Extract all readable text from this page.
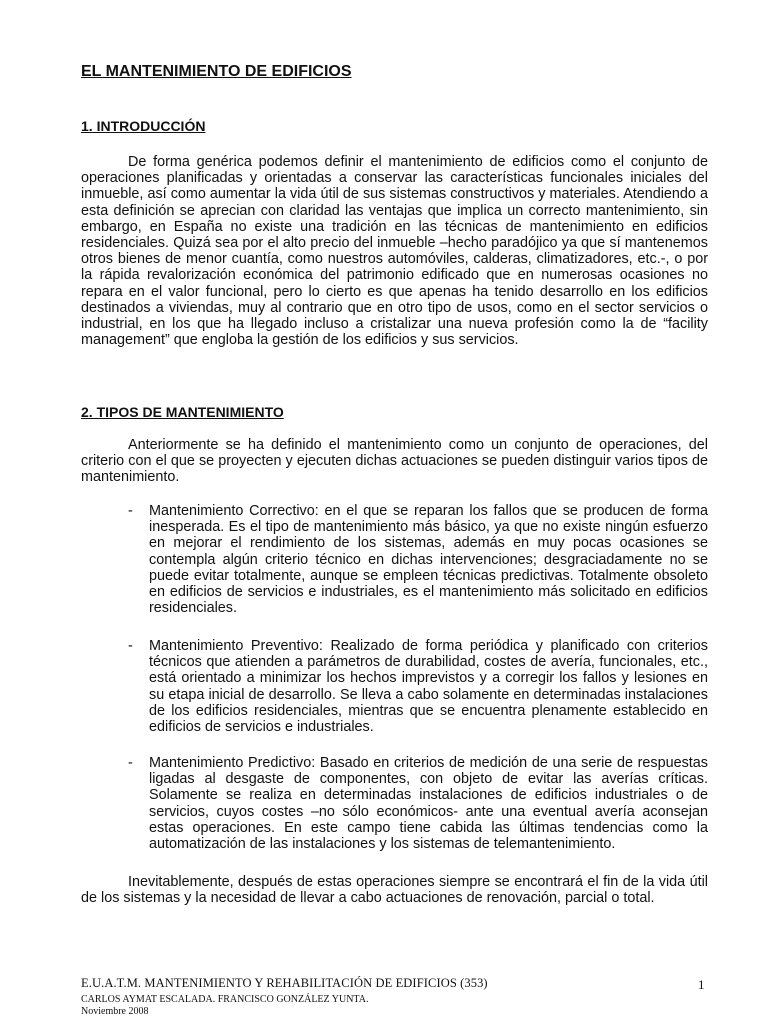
EL MANTENIMIENTO DE EDIFICIOS
1. INTRODUCCIÓN

De forma genérica podemos definir el mantenimiento de edificios como el conjunto de operaciones planificadas y orientadas a conservar las características funcionales iniciales del inmueble, así como aumentar la vida útil de sus sistemas constructivos y materiales. Atendiendo a esta definición se aprecian con claridad las ventajas que implica un correcto mantenimiento, sin embargo, en España no existe una tradición en las técnicas de mantenimiento en edificios residenciales. Quizá sea por el alto precio del inmueble –hecho paradójico ya que sí mantenemos otros bienes de menor cuantía, como nuestros automóviles, calderas, climatizadores, etc.-, o por la rápida revalorización económica del patrimonio edificado que en numerosas ocasiones no repara en el valor funcional, pero lo cierto es que apenas ha tenido desarrollo en los edificios destinados a viviendas, muy al contrario que en otro tipo de usos, como en el sector servicios o industrial, en los que ha llegado incluso a cristalizar una nueva profesión como la de “facility management” que engloba la gestión de los edificios y sus servicios.

2. TIPOS DE MANTENIMIENTO

Anteriormente se ha definido el mantenimiento como un conjunto de operaciones, del criterio con el que se proyecten y ejecuten dichas actuaciones se pueden distinguir varios tipos de mantenimiento.

- Mantenimiento Correctivo: en el que se reparan los fallos que se producen de forma inesperada. Es el tipo de mantenimiento más básico, ya que no existe ningún esfuerzo en mejorar el rendimiento de los sistemas, además en muy pocas ocasiones se contempla algún criterio técnico en dichas intervenciones; desgraciadamente no se puede evitar totalmente, aunque se empleen técnicas predictivas. Totalmente obsoleto en edificios de servicios e industriales, es el mantenimiento más solicitado en edificios residenciales.

- Mantenimiento Preventivo: Realizado de forma periódica y planificado con criterios técnicos que atienden a parámetros de durabilidad, costes de avería, funcionales, etc., está orientado a minimizar los hechos imprevistos y a corregir los fallos y lesiones en su etapa inicial de desarrollo. Se lleva a cabo solamente en determinadas instalaciones de los edificios residenciales, mientras que se encuentra plenamente establecido en edificios de servicios e industriales.

- Mantenimiento Predictivo: Basado en criterios de medición de una serie de respuestas ligadas al desgaste de componentes, con objeto de evitar las averías críticas. Solamente se realiza en determinadas instalaciones de edificios industriales o de servicios, cuyos costes –no sólo económicos- ante una eventual avería aconsejan estas operaciones. En este campo tiene cabida las últimas tendencias como la automatización de las instalaciones y los sistemas de telemantenimiento.

Inevitablemente, después de estas operaciones siempre se encontrará el fin de la vida útil de los sistemas y la necesidad de llevar a cabo actuaciones de renovación, parcial o total.

E.U.A.T.M. MANTENIMIENTO Y REHABILITACIÓN DE EDIFICIOS (353)	1
CARLOS AYMAT ESCALADA. FRANCISCO GONZÁLEZ YUNTA.
Noviembre 2008
